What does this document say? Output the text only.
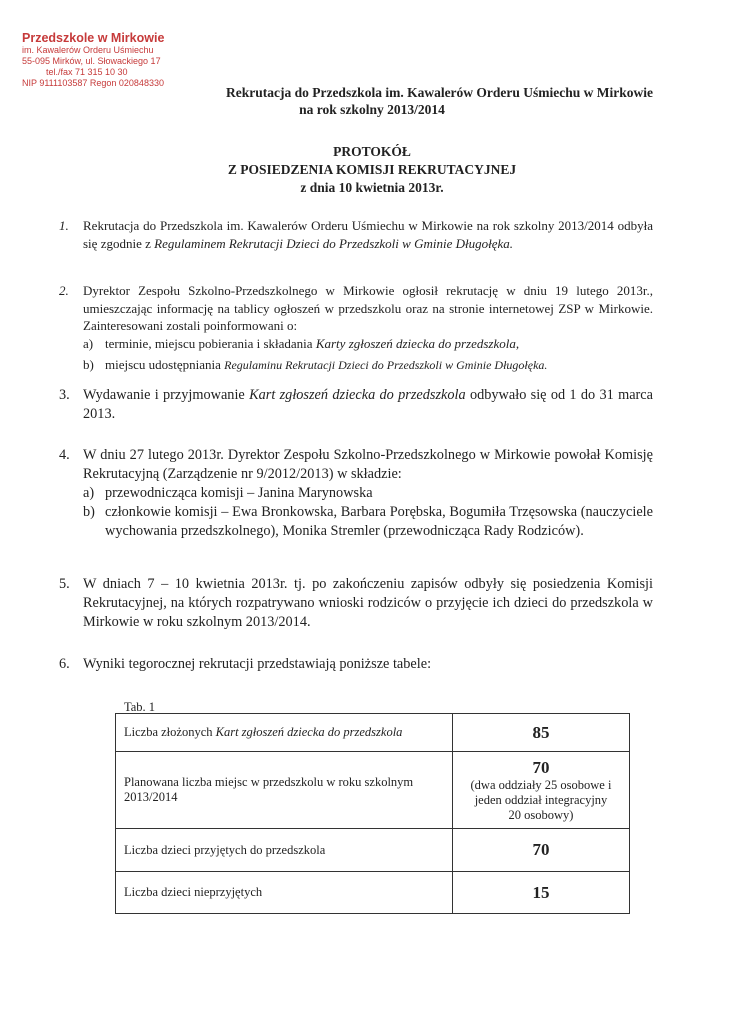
Przedszkole w Mirkowie
im. Kawalerów Orderu Uśmiechu
55-095 Mirków, ul. Słowackiego 17
tel./fax 71 315 10 30
NIP 9111103587 Regon 020848330
Rekrutacja do Przedszkola im. Kawalerów Orderu Uśmiechu w Mirkowie
na rok szkolny 2013/2014
PROTOKÓŁ
Z POSIEDZENIA KOMISJI REKRUTACYJNEJ
z dnia 10 kwietnia 2013r.
1. Rekrutacja do Przedszkola im. Kawalerów Orderu Uśmiechu w Mirkowie na rok szkolny 2013/2014 odbyła się zgodnie z Regulaminem Rekrutacji Dzieci do Przedszkoli w Gminie Długołęka.
2. Dyrektor Zespołu Szkolno-Przedszkolnego w Mirkowie ogłosił rekrutację w dniu 19 lutego 2013r., umieszczając informację na tablicy ogłoszeń w przedszkolu oraz na stronie internetowej ZSP w Mirkowie. Zainteresowani zostali poinformowani o:
a) terminie, miejscu pobierania i składania Karty zgłoszeń dziecka do przedszkola,
b) miejscu udostępniania Regulaminu Rekrutacji Dzieci do Przedszkoli w Gminie Długołęka.
3. Wydawanie i przyjmowanie Kart zgłoszeń dziecka do przedszkola odbywało się od 1 do 31 marca 2013.
4. W dniu 27 lutego 2013r. Dyrektor Zespołu Szkolno-Przedszkolnego w Mirkowie powołał Komisję Rekrutacyjną (Zarządzenie nr 9/2012/2013) w składzie:
a) przewodnicząca komisji – Janina Marynowska
b) członkowie komisji – Ewa Bronkowska, Barbara Porębska, Bogumiła Trzęsowska (nauczyciele wychowania przedszkolnego), Monika Stremler (przewodnicząca Rady Rodziców).
5. W dniach 7 – 10 kwietnia 2013r. tj. po zakończeniu zapisów odbyły się posiedzenia Komisji Rekrutacyjnej, na których rozpatrywano wnioski rodziców o przyjęcie ich dzieci do przedszkola w Mirkowie w roku szkolnym 2013/2014.
6. Wyniki tegorocznej rekrutacji przedstawiają poniższe tabele:
Tab. 1
Liczba złożonych Kart zgłoszeń dziecka do przedszkola	85
Planowana liczba miejsc w przedszkolu w roku szkolnym 2013/2014	70
(dwa oddziały 25 osobowe i jeden oddział integracyjny 20 osobowy)

Liczba dzieci przyjętych do przedszkola	70
Liczba dzieci nieprzyjętych	15
